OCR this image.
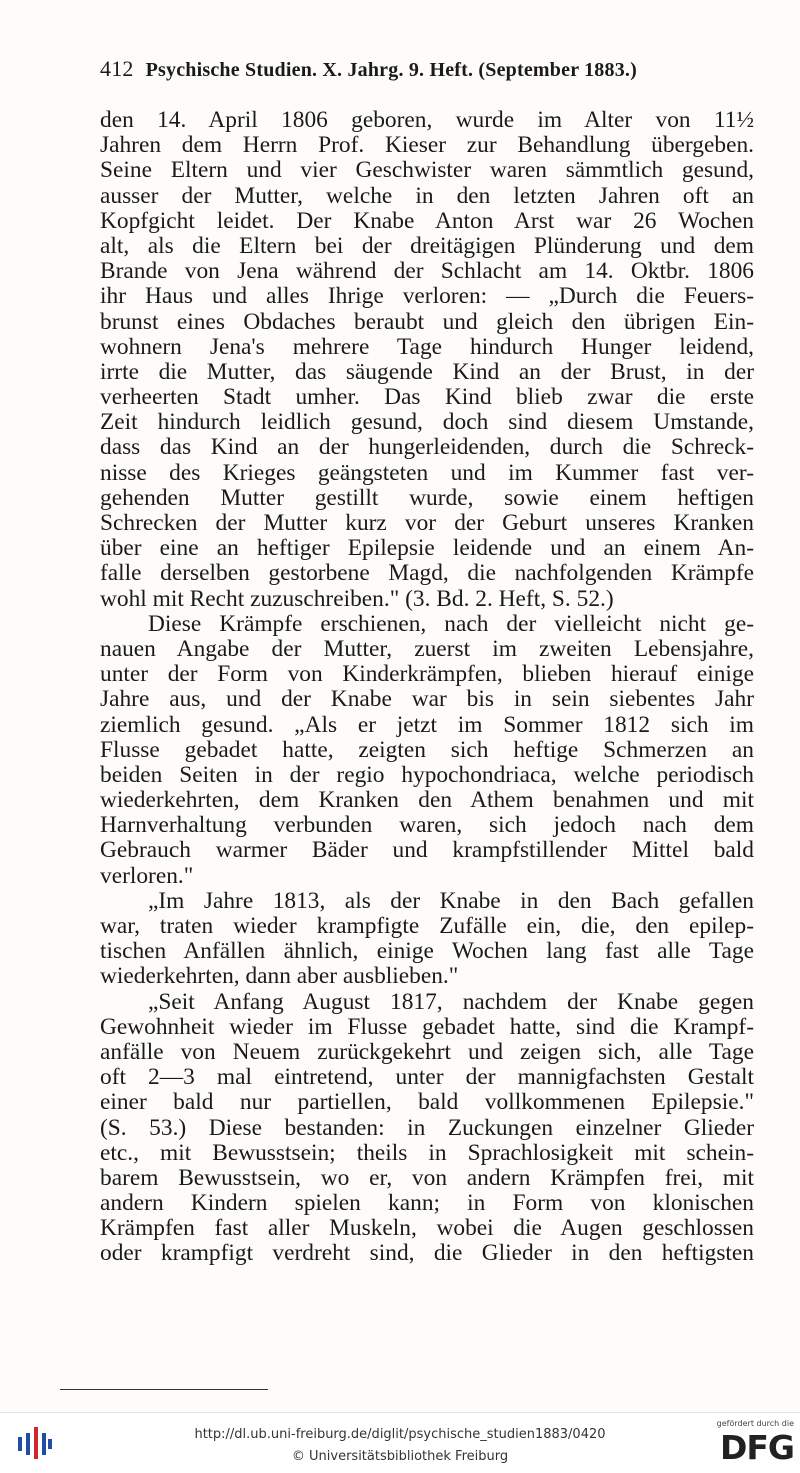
412 Psychische Studien. X. Jahrg. 9. Heft. (September 1883.)
den 14. April 1806 geboren, wurde im Alter von 11½
Jahren dem Herrn Prof. Kieser zur Behandlung übergeben.
Seine Eltern und vier Geschwister waren sämmtlich gesund,
ausser der Mutter, welche in den letzten Jahren oft an
Kopfgicht leidet. Der Knabe Anton Arst war 26 Wochen
alt, als die Eltern bei der dreitägigen Plünderung und dem
Brande von Jena während der Schlacht am 14. Oktbr. 1806
ihr Haus und alles Ihrige verloren: — „Durch die Feuers-
brunst eines Obdaches beraubt und gleich den übrigen Ein-
wohnern Jena's mehrere Tage hindurch Hunger leidend,
irrte die Mutter, das säugende Kind an der Brust, in der
verheerten Stadt umher. Das Kind blieb zwar die erste
Zeit hindurch leidlich gesund, doch sind diesem Umstande,
dass das Kind an der hungerleidenden, durch die Schreck-
nisse des Krieges geängsteten und im Kummer fast ver-
gehenden Mutter gestillt wurde, sowie einem heftigen
Schrecken der Mutter kurz vor der Geburt unseres Kranken
über eine an heftiger Epilepsie leidende und an einem An-
falle derselben gestorbene Magd, die nachfolgenden Krämpfe
wohl mit Recht zuzuschreiben." (3. Bd. 2. Heft, S. 52.)
Diese Krämpfe erschienen, nach der vielleicht nicht ge-
nauen Angabe der Mutter, zuerst im zweiten Lebensjahre,
unter der Form von Kinderkrämpfen, blieben hierauf einige
Jahre aus, und der Knabe war bis in sein siebentes Jahr
ziemlich gesund. „Als er jetzt im Sommer 1812 sich im
Flusse gebadet hatte, zeigten sich heftige Schmerzen an
beiden Seiten in der regio hypochondriaca, welche periodisch
wiederkehrten, dem Kranken den Athem benahmen und mit
Harnverhaltung verbunden waren, sich jedoch nach dem
Gebrauch warmer Bäder und krampfstillender Mittel bald
verloren."
„Im Jahre 1813, als der Knabe in den Bach gefallen
war, traten wieder krampfigte Zufälle ein, die, den epilep-
tischen Anfällen ähnlich, einige Wochen lang fast alle Tage
wiederkehrten, dann aber ausblieben."
„Seit Anfang August 1817, nachdem der Knabe gegen
Gewohnheit wieder im Flusse gebadet hatte, sind die Krampf-
anfälle von Neuem zurückgekehrt und zeigen sich, alle Tage
oft 2—3 mal eintretend, unter der mannigfachsten Gestalt
einer bald nur partiellen, bald vollkommenen Epilepsie."
(S. 53.) Diese bestanden: in Zuckungen einzelner Glieder
etc., mit Bewusstsein; theils in Sprachlosigkeit mit schein-
barem Bewusstsein, wo er, von andern Krämpfen frei, mit
andern Kindern spielen kann; in Form von klonischen
Krämpfen fast aller Muskeln, wobei die Augen geschlossen
oder krampfigt verdreht sind, die Glieder in den heftigsten
http://dl.ub.uni-freiburg.de/diglit/psychische_studien1883/0420
© Universitätsbibliothek Freiburg
gefördert durch die
DFG
